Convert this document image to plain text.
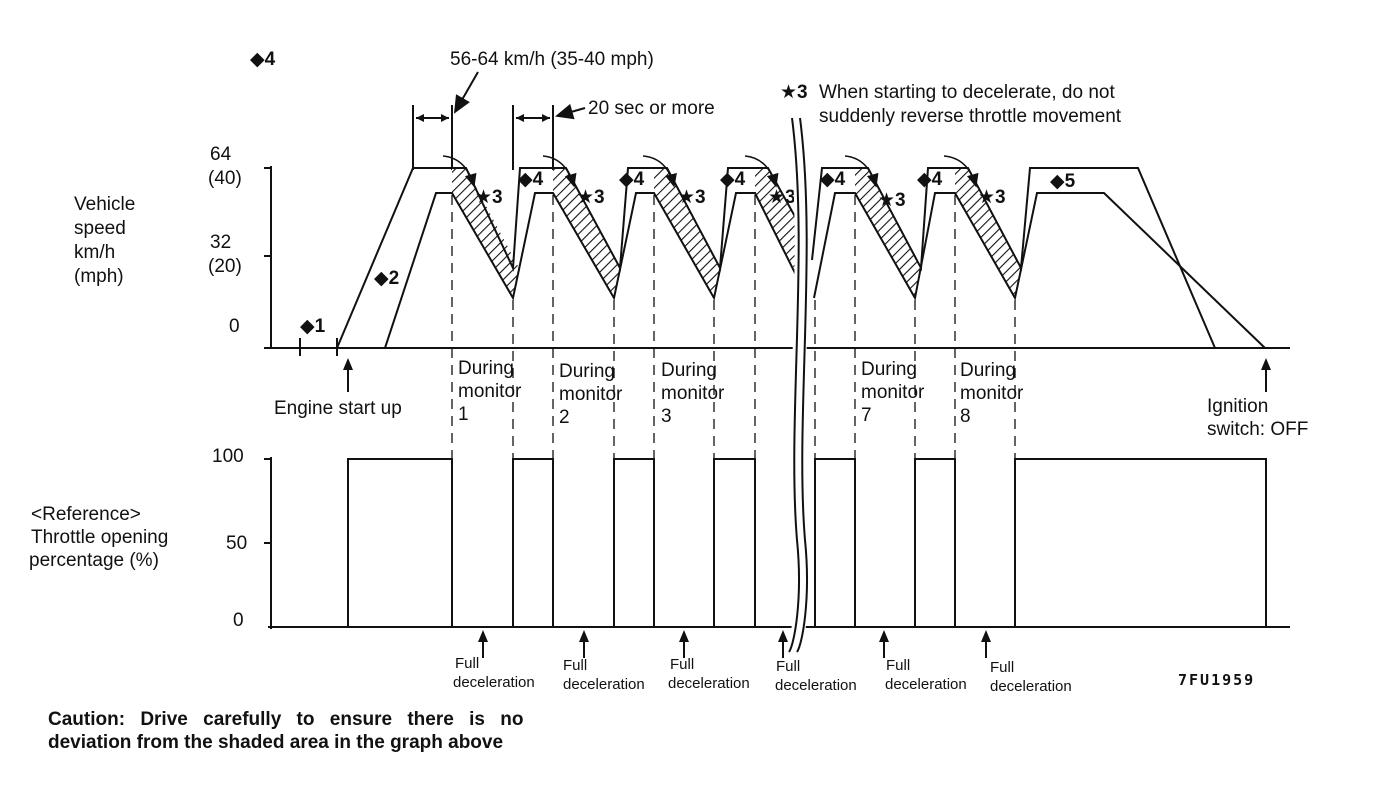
◆4	56-64 km/h (35-40 mph)
20 sec or more
★3 When starting to decelerate, do not
suddenly reverse throttle movement
Vehicle
speed
km/h
(mph)
64
(40)
32
(20)
0	◆1
◆2
★3	★3	★3	★3	★3	★3
◆4	◆4	◆4	◆4	◆4	◆5
Engine start up	Ignition
switch: OFF
During
monitor
1
During
monitor
2
During
monitor
3
During
monitor
7
During
monitor
8
<Reference>
Throttle opening
percentage (%)
100
50
0
Full
deceleration
Full
deceleration
Full
deceleration
Full
deceleration
Full
deceleration
Full
deceleration	7FU1959
Caution: Drive carefully to ensure there is no
deviation from the shaded area in the graph above
